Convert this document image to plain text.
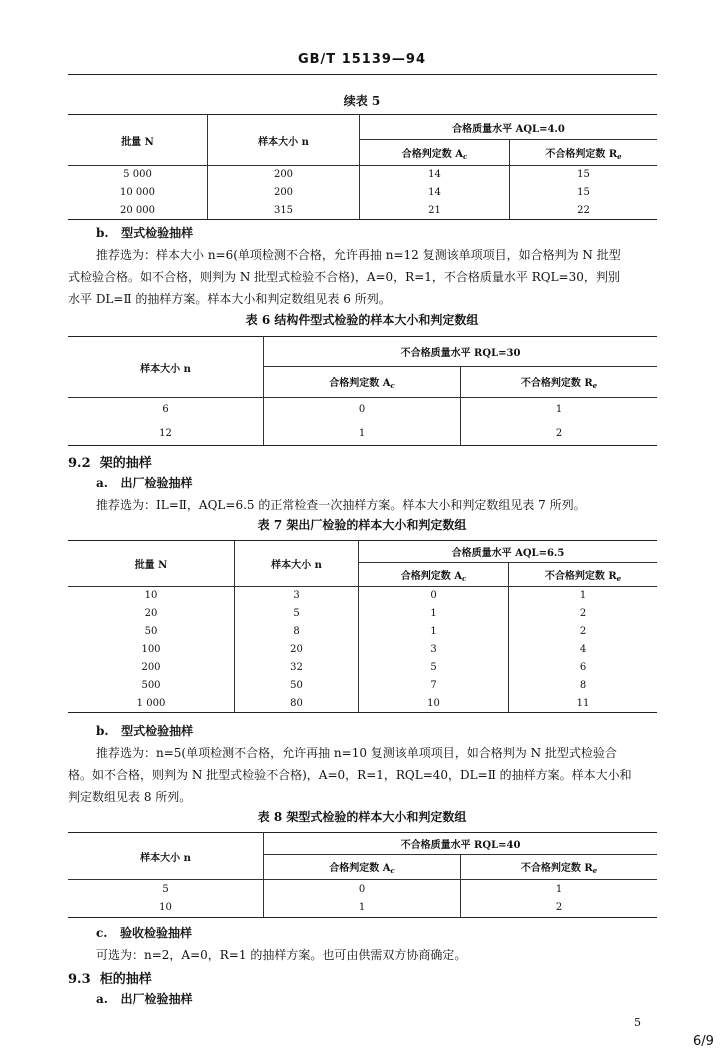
GB/T 15139—94
续表 5
批量 N	样本大小 n	合格质量水平 AQL=4.0	
		合格判定数 $A_c$	不合格判定数 $R_e$
5 000	200	14	15
10 000	200	14	15
20 000	315	21	22
b. 型式检验抽样
推荐选为：样本大小 n=6(单项检测不合格，允许再抽 n=12 复测该单项项目，如合格判为 N 批型
式检验合格。如不合格，则判为 N 批型式检验不合格)，A=0，R=1，不合格质量水平 RQL=30，判别
水平 DL=Ⅱ 的抽样方案。样本大小和判定数组见表 6 所列。
表 6 结构件型式检验的样本大小和判定数组
样本大小 n	不合格质量水平 RQL=30	
	合格判定数 $A_c$	不合格判定数 $R_e$
6	0	1
12	1	2
9.2 架的抽样
a. 出厂检验抽样
推荐选为：IL=Ⅱ，AQL=6.5 的正常检查一次抽样方案。样本大小和判定数组见表 7 所列。
表 7 架出厂检验的样本大小和判定数组
批量 N	样本大小 n	合格质量水平 AQL=6.5	
		合格判定数 $A_c$	不合格判定数 $R_e$
10	3	0	1
20	5	1	2
50	8	1	2
100	20	3	4
200	32	5	6
500	50	7	8
1 000	80	10	11
b. 型式检验抽样
推荐选为：n=5(单项检测不合格，允许再抽 n=10 复测该单项项目，如合格判为 N 批型式检验合
格。如不合格，则判为 N 批型式检验不合格)，A=0，R=1，RQL=40，DL=Ⅱ 的抽样方案。样本大小和
判定数组见表 8 所列。
表 8 架型式检验的样本大小和判定数组
样本大小 n	不合格质量水平 RQL=40	
	合格判定数 $A_c$	不合格判定数 $R_e$
5	0	1
10	1	2
c. 验收检验抽样
可选为：n=2，A=0，R=1 的抽样方案。也可由供需双方协商确定。
9.3 柜的抽样
a. 出厂检验抽样
5
6/9
